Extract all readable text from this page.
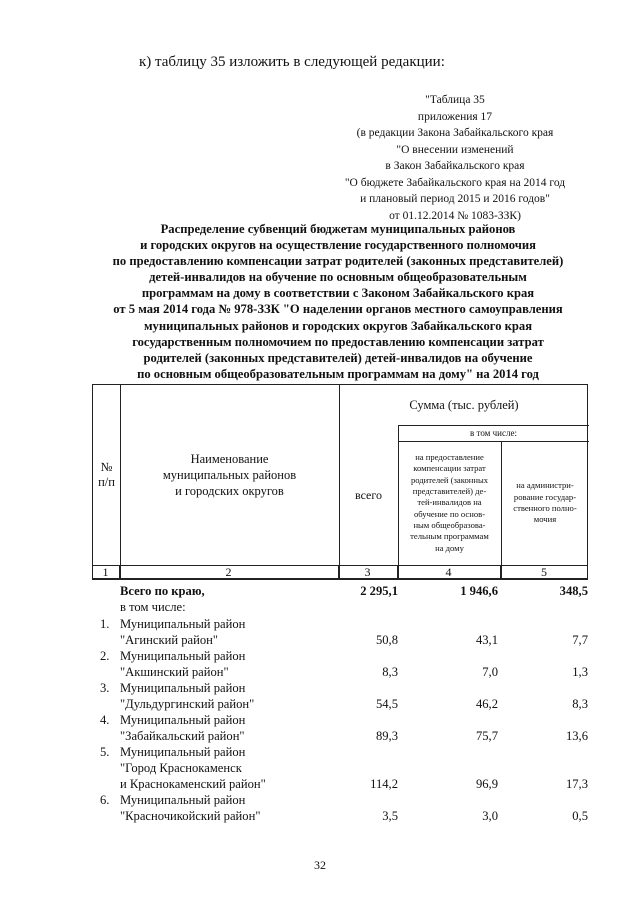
к) таблицу 35 изложить в следующей редакции:
"Таблица 35
приложения 17
(в редакции Закона Забайкальского края
"О внесении изменений
в Закон Забайкальского края
"О бюджете Забайкальского края на 2014 год
и плановый период 2015 и 2016 годов"
от 01.12.2014 № 1083-ЗЗК)
Распределение субвенций бюджетам муниципальных районов
и городских округов на осуществление государственного полномочия
по предоставлению компенсации затрат родителей (законных представителей)
детей-инвалидов на обучение по основным общеобразовательным
программам на дому в соответствии с Законом Забайкальского края
от 5 мая 2014 года № 978-ЗЗК "О наделении органов местного самоуправления
муниципальных районов и городских округов Забайкальского края
государственным полномочием по предоставлению компенсации затрат
родителей (законных представителей) детей-инвалидов на обучение
по основным общеобразовательным программам на дому" на 2014 год
№
п/п
Наименование
муниципальных районов
и городских округов
Сумма (тыс. рублей)
в том числе:
всего
на предоставление
компенсации затрат
родителей (законных
представителей) де-
тей-инвалидов на
обучение по основ-
ным общеобразова-
тельным программам
на дому
на администри-
рование государ-
ственного полно-
мочия
1	2	3	4	5
Всего по краю,	2 295,1	1 946,6	348,5
в том числе:
1. Муниципальный район
"Агинский район"	50,8	43,1	7,7
2. Муниципальный район
"Акшинский район"	8,3	7,0	1,3
3. Муниципальный район
"Дульдургинский район"	54,5	46,2	8,3
4. Муниципальный район
"Забайкальский район"	89,3	75,7	13,6
5. Муниципальный район
"Город Краснокаменск
и Краснокаменский район"	114,2	96,9	17,3
6. Муниципальный район
"Красночикойский район"	3,5	3,0	0,5
32
